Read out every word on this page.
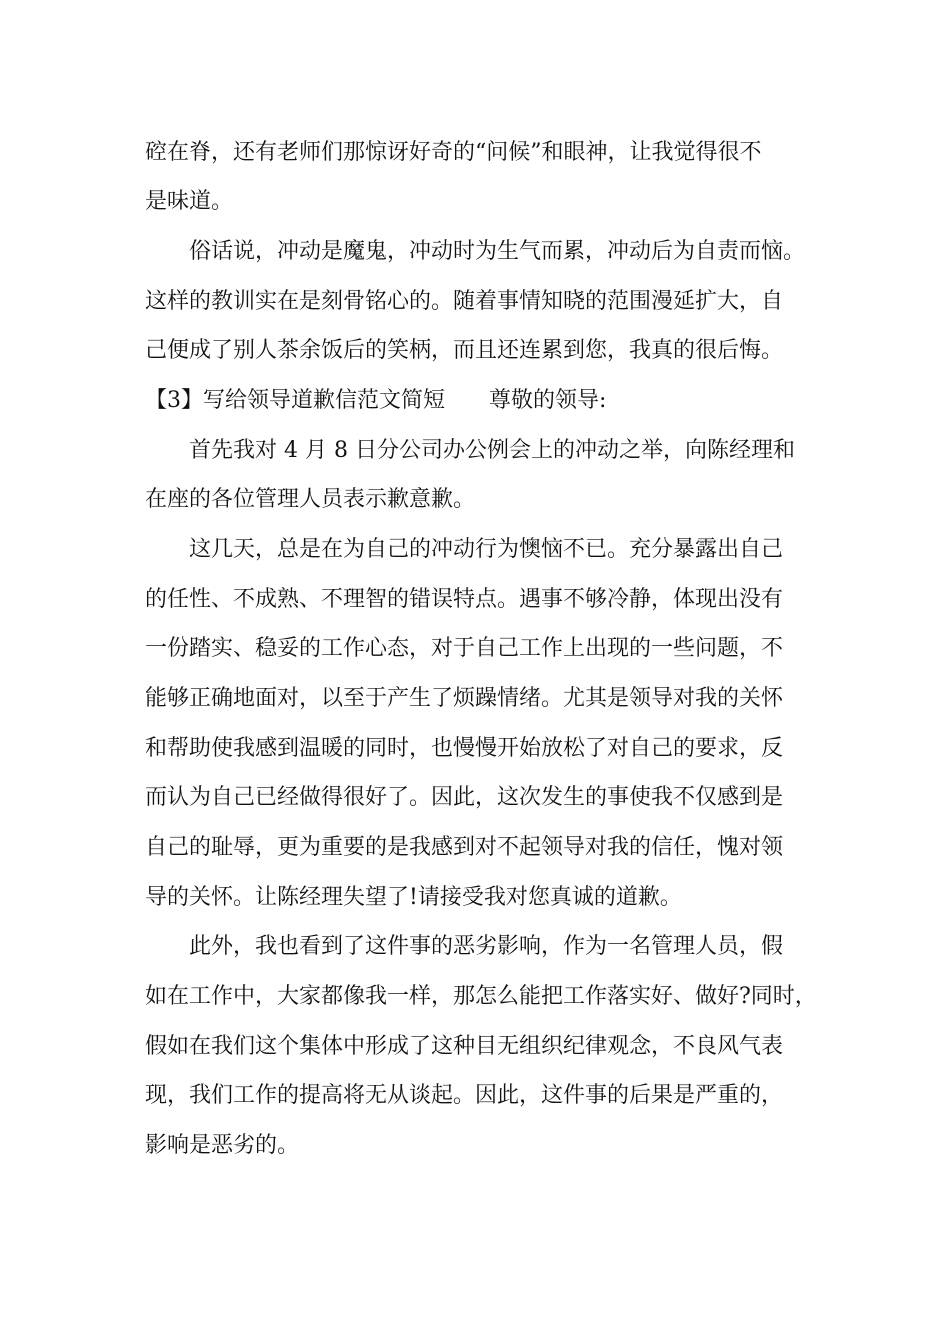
硿在脊，还有老师们那惊讶好奇的“问候”和眼神，让我觉得很不
是味道。
俗话说，冲动是魔鬼，冲动时为生气而累，冲动后为自责而恼。
这样的教训实在是刻骨铭心的。随着事情知晓的范围漫延扩大，自
己便成了别人茶余饭后的笑柄，而且还连累到您，我真的很后悔。
【3】写给领导道歉信范文简短　　尊敬的领导:
首先我对 4 月 8 日分公司办公例会上的冲动之举，向陈经理和
在座的各位管理人员表示歉意歉。
这几天，总是在为自己的冲动行为懊恼不已。充分暴露出自己
的任性、不成熟、不理智的错误特点。遇事不够冷静，体现出没有
一份踏实、稳妥的工作心态，对于自己工作上出现的一些问题，不
能够正确地面对，以至于产生了烦躁情绪。尤其是领导对我的关怀
和帮助使我感到温暖的同时，也慢慢开始放松了对自己的要求，反
而认为自己已经做得很好了。因此，这次发生的事使我不仅感到是
自己的耻辱，更为重要的是我感到对不起领导对我的信任，愧对领
导的关怀。让陈经理失望了!请接受我对您真诚的道歉。
此外，我也看到了这件事的恶劣影响，作为一名管理人员，假
如在工作中，大家都像我一样，那怎么能把工作落实好、做好?同时，
假如在我们这个集体中形成了这种目无组织纪律观念，不良风气表
现，我们工作的提高将无从谈起。因此，这件事的后果是严重的，
影响是恶劣的。
